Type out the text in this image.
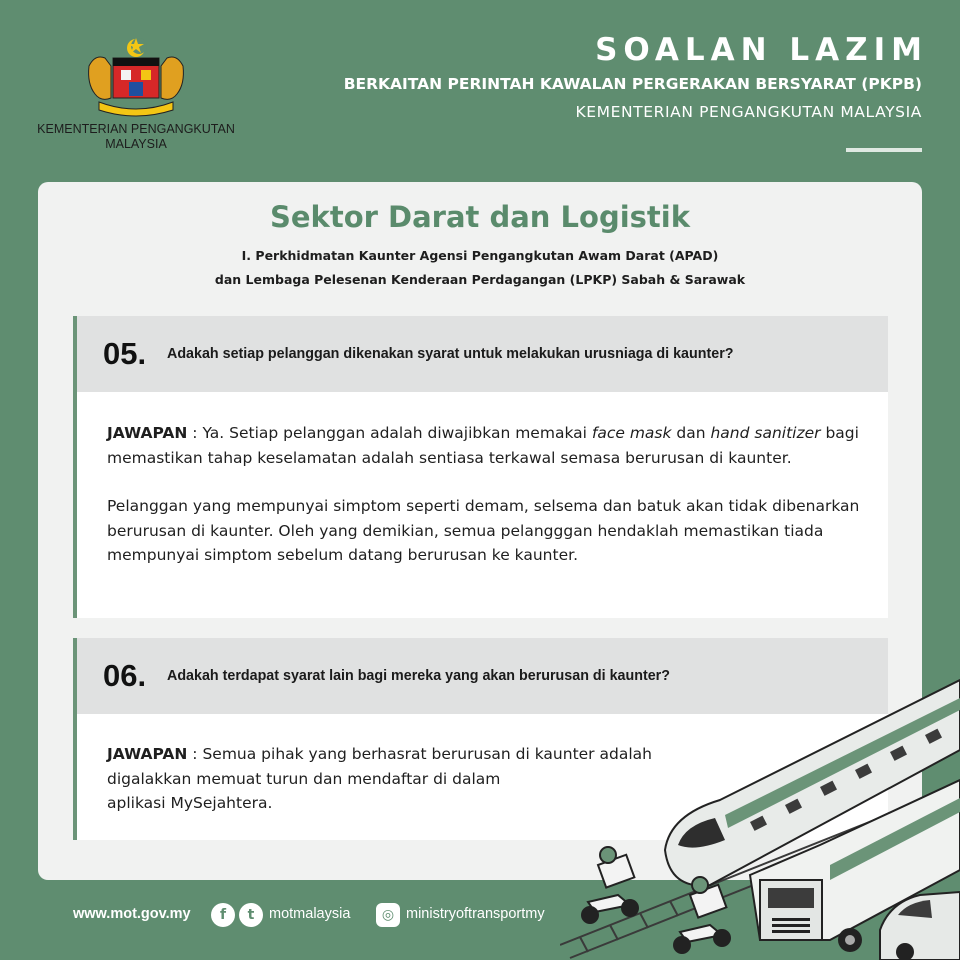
KEMENTERIAN PENGANGKUTAN
MALAYSIA
SOALAN LAZIM
BERKAITAN PERINTAH KAWALAN PERGERAKAN BERSYARAT (PKPB)
KEMENTERIAN PENGANGKUTAN MALAYSIA
Sektor Darat dan Logistik
I. Perkhidmatan Kaunter Agensi Pengangkutan Awam Darat (APAD)
dan Lembaga Pelesenan Kenderaan Perdagangan (LPKP) Sabah & Sarawak
05.	Adakah setiap pelanggan dikenakan syarat untuk melakukan urusniaga di kaunter?

JAWAPAN : Ya. Setiap pelanggan adalah diwajibkan memakai face mask dan hand sanitizer bagi memastikan tahap keselamatan adalah sentiasa terkawal semasa berurusan di kaunter.

Pelanggan yang mempunyai simptom seperti demam, selsema dan batuk akan tidak dibenarkan berurusan di kaunter. Oleh yang demikian, semua pelangggan hendaklah memastikan tiada mempunyai simptom sebelum datang berurusan ke kaunter.

06.	Adakah terdapat syarat lain bagi mereka yang akan berurusan di kaunter?

JAWAPAN : Semua pihak yang berhasrat berurusan di kaunter adalah
digalakkan memuat turun dan mendaftar di dalam
aplikasi MySejahtera.

www.mot.gov.my	f	t	motmalaysia	◎ ministryoftransportmy
